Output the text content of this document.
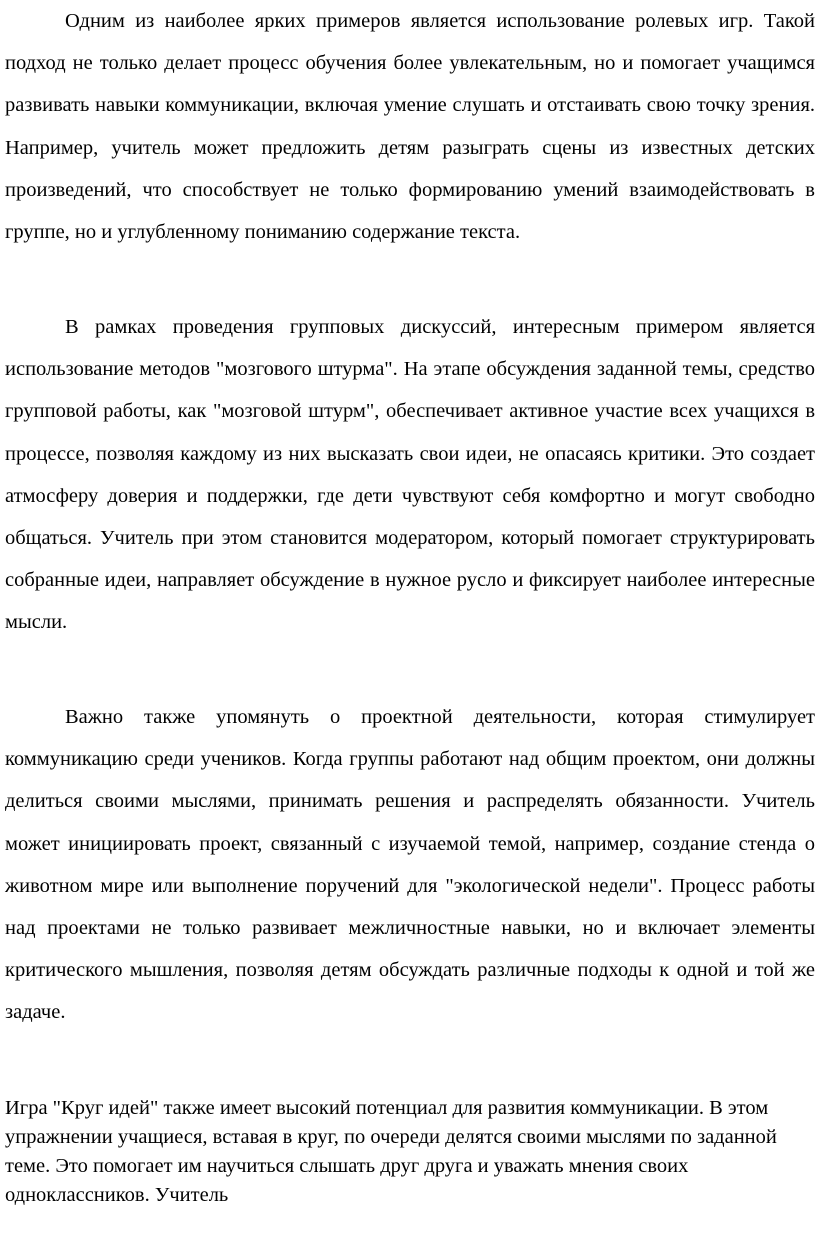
Одним из наиболее ярких примеров является использование ролевых игр. Такой подход не только делает процесс обучения более увлекательным, но и помогает учащимся развивать навыки коммуникации, включая умение слушать и отстаивать свою точку зрения. Например, учитель может предложить детям разыграть сцены из известных детских произведений, что способствует не только формированию умений взаимодействовать в группе, но и углубленному пониманию содержание текста.

В рамках проведения групповых дискуссий, интересным примером является использование методов "мозгового штурма". На этапе обсуждения заданной темы, средство групповой работы, как "мозговой штурм", обеспечивает активное участие всех учащихся в процессе, позволяя каждому из них высказать свои идеи, не опасаясь критики. Это создает атмосферу доверия и поддержки, где дети чувствуют себя комфортно и могут свободно общаться. Учитель при этом становится модератором, который помогает структурировать собранные идеи, направляет обсуждение в нужное русло и фиксирует наиболее интересные мысли.

Важно также упомянуть о проектной деятельности, которая стимулирует коммуникацию среди учеников. Когда группы работают над общим проектом, они должны делиться своими мыслями, принимать решения и распределять обязанности. Учитель может инициировать проект, связанный с изучаемой темой, например, создание стенда о животном мире или выполнение поручений для "экологической недели". Процесс работы над проектами не только развивает межличностные навыки, но и включает элементы критического мышления, позволяя детям обсуждать различные подходы к одной и той же задаче.

Игра "Круг идей" также имеет высокий потенциал для развития коммуникации. В этом упражнении учащиеся, вставая в круг, по очереди делятся своими мыслями по заданной теме. Это помогает им научиться слышать друг друга и уважать мнения своих одноклассников. Учитель
